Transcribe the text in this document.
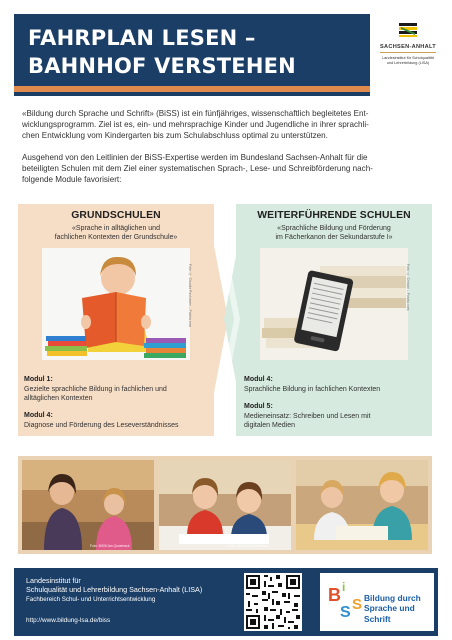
FAHRPLAN LESEN –
BAHNHOF VERSTEHEN
SACHSEN-ANHALT
Landesinstitut für Schulqualität
und Lehrerbildung (LISA)
«Bildung durch Sprache und Schrift» (BiSS) ist ein fünfjähriges, wissenschaftlich begleitetes Ent-
wicklungsprogramm. Ziel ist es, ein- und mehrsprachige Kinder und Jugendliche in ihrer sprachli-
chen Entwicklung vom Kindergarten bis zum Schulabschluss optimal zu unterstützen.
Ausgehend von den Leitlinien der BiSS-Expertise werden im Bundesland Sachsen-Anhalt für die
beteiligten Schulen mit dem Ziel einer systematischen Sprach-, Lese- und Schreibförderung nach-
folgende Module favorisiert:
GRUNDSCHULEN
«Sprache in alltäglichen und
fachlichen Kontexten der Grundschule»
Foto: © Claudia Paulussen – Fotolia.com
Modul 1:
Gezielte sprachliche Bildung in fachlichen und
alltäglichen Kontexten
Modul 4:
Diagnose und Förderung des Leseverständnisses
WEITERFÜHRENDE SCHULEN
«Sprachliche Bildung und Förderung
im Fächerkanon der Sekundarstufe I»
Foto: © Cristian – Fotolia.com
Modul 4:
Sprachliche Bildung in fachlichen Kontexten
Modul 5:
Medieneinsatz: Schreiben und Lesen mit
digitalen Medien
Foto: BiSS/Jan Quwerlack	Foto: BiSS/Jan Quwerlack
Landesinstitut für
Schulqualität und Lehrerbildung Sachsen-Anhalt (LISA)
Fachbereich Schul- und Unterrichtsentwicklung
http://www.bildung-lsa.de/biss
B i
S S Bildung durch
Sprache und Schrift
